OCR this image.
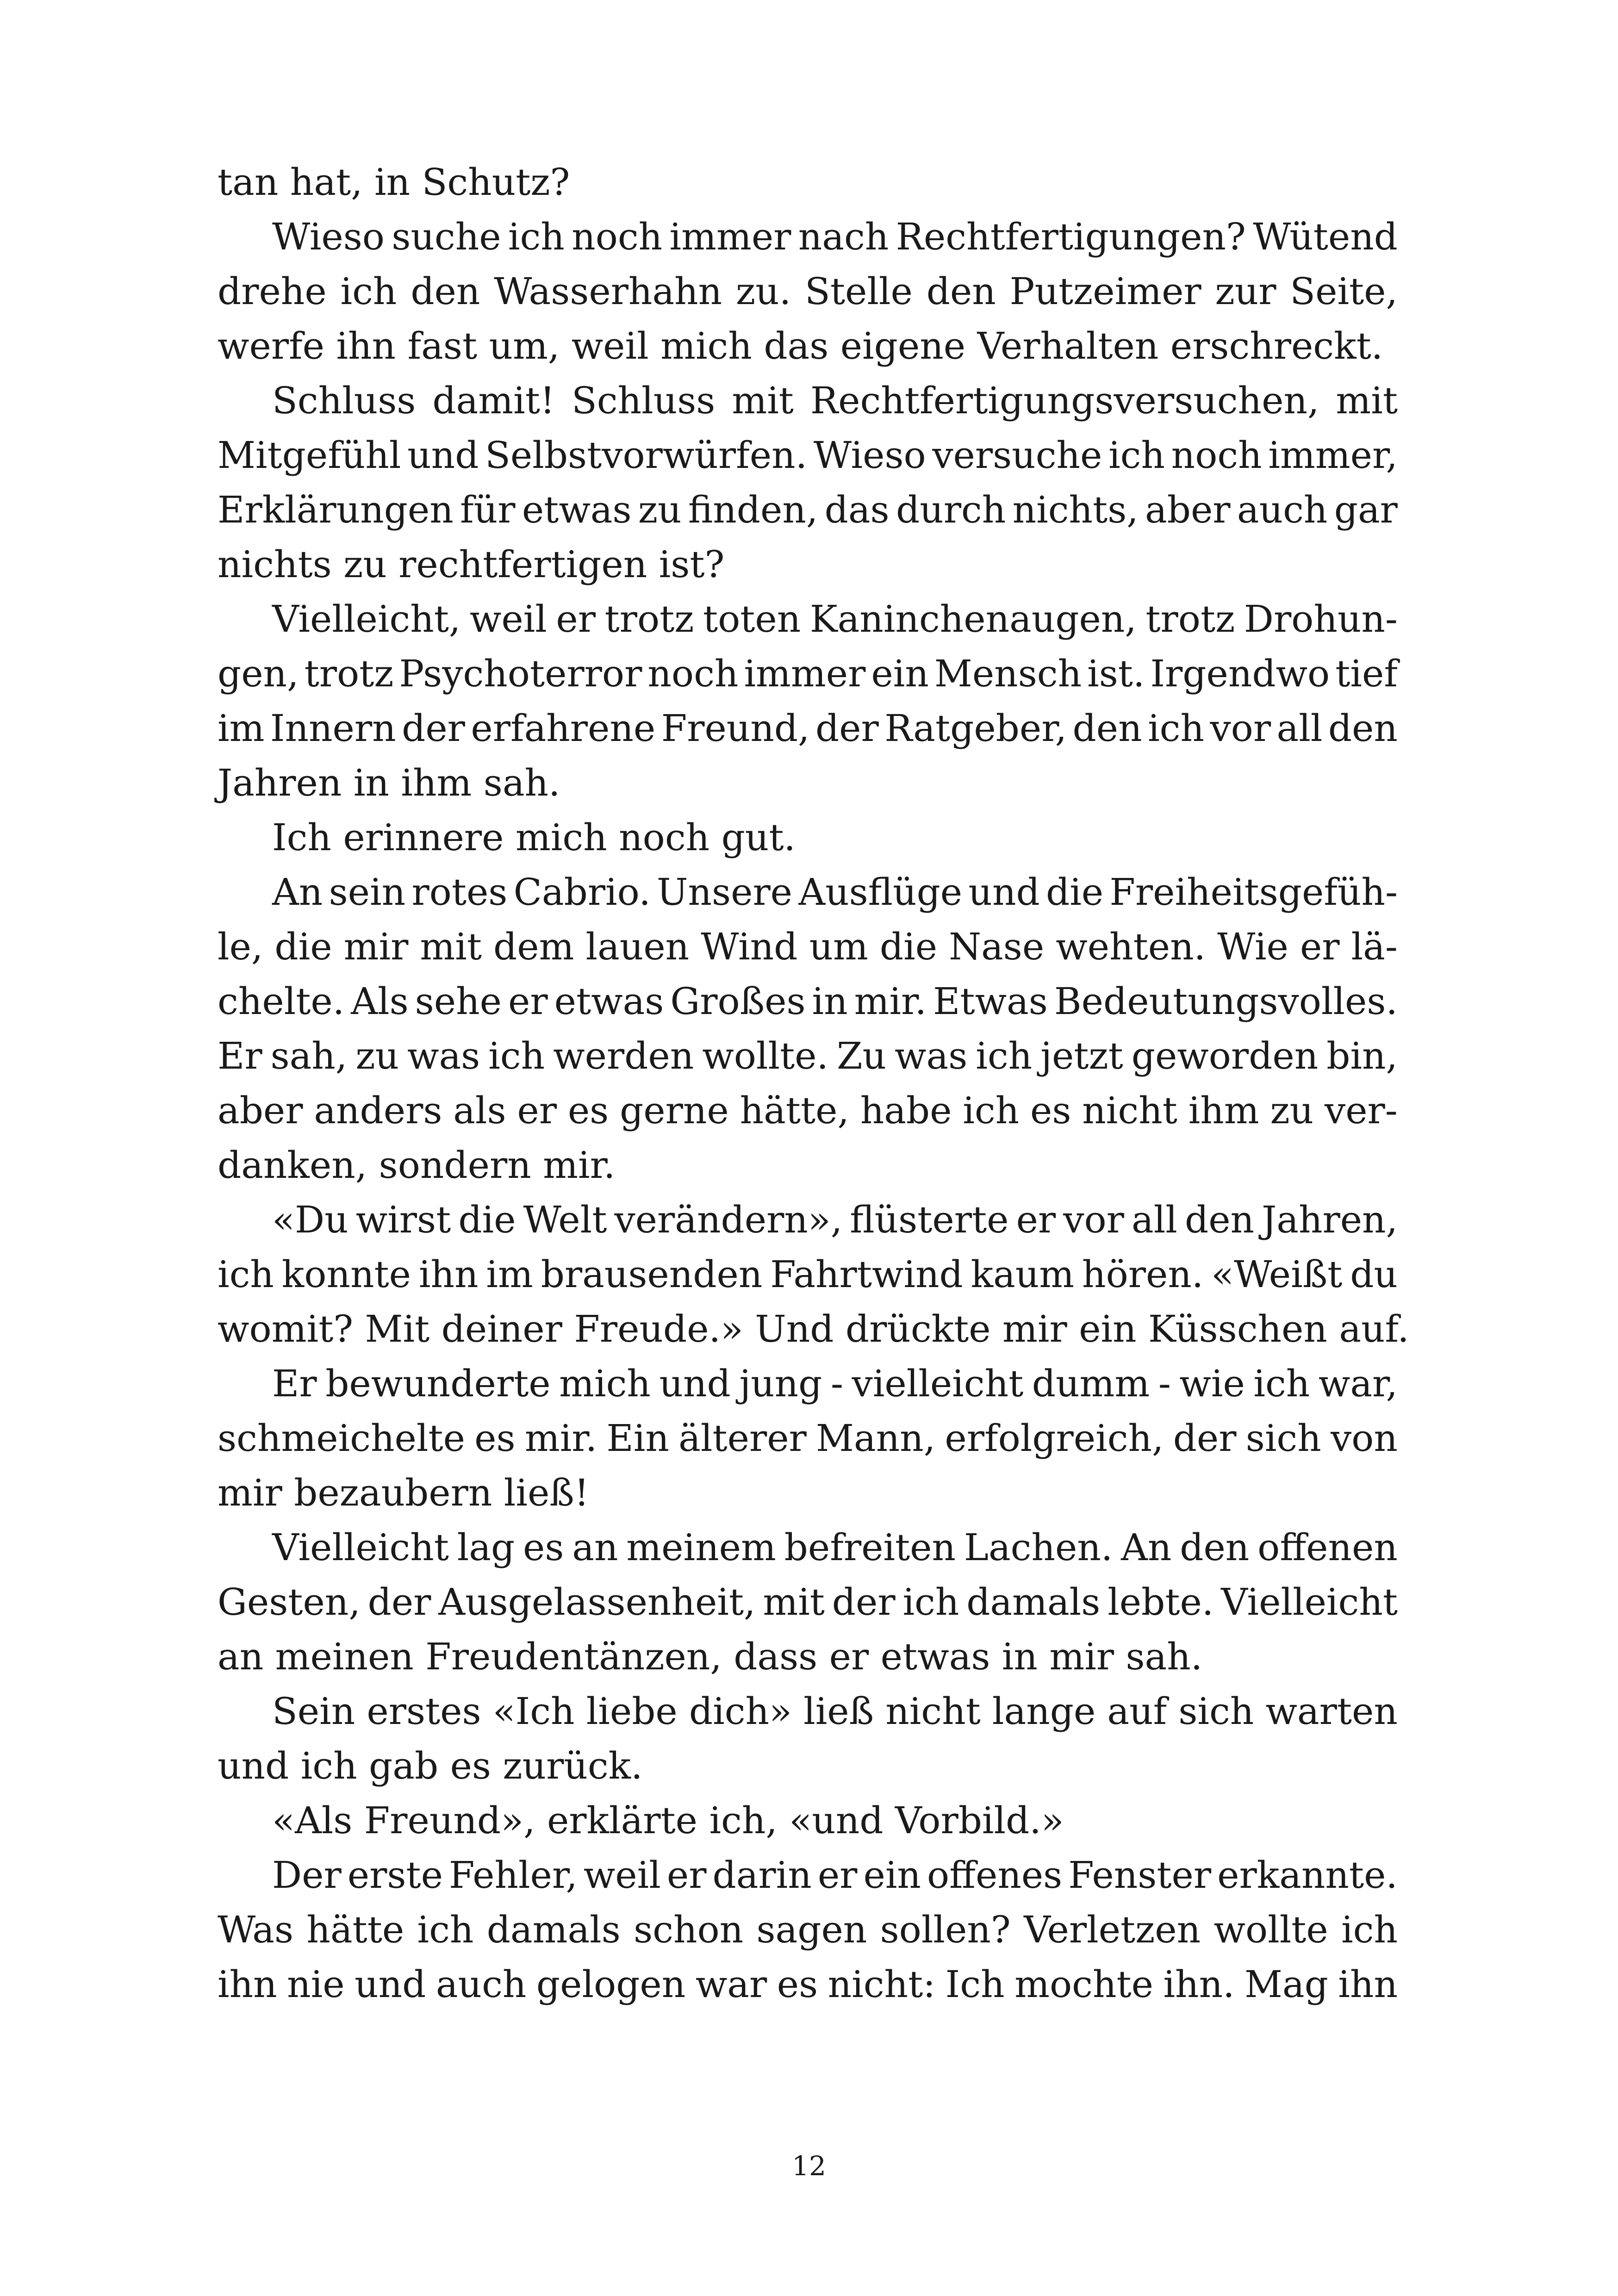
tan hat, in Schutz?
Wieso suche ich noch immer nach Rechtfertigungen? Wütend
drehe ich den Wasserhahn zu. Stelle den Putzeimer zur Seite,
werfe ihn fast um, weil mich das eigene Verhalten erschreckt.
Schluss damit! Schluss mit Rechtfertigungsversuchen, mit
Mitgefühl und Selbstvorwürfen. Wieso versuche ich noch immer,
Erklärungen für etwas zu finden, das durch nichts, aber auch gar
nichts zu rechtfertigen ist?
Vielleicht, weil er trotz toten Kaninchenaugen, trotz Drohun-
gen, trotz Psychoterror noch immer ein Mensch ist. Irgendwo tief
im Innern der erfahrene Freund, der Ratgeber, den ich vor all den
Jahren in ihm sah.
Ich erinnere mich noch gut.
An sein rotes Cabrio. Unsere Ausflüge und die Freiheitsgefüh-
le, die mir mit dem lauen Wind um die Nase wehten. Wie er lä-
chelte. Als sehe er etwas Großes in mir. Etwas Bedeutungsvolles.
Er sah, zu was ich werden wollte. Zu was ich jetzt geworden bin,
aber anders als er es gerne hätte, habe ich es nicht ihm zu ver-
danken, sondern mir.
«Du wirst die Welt verändern», flüsterte er vor all den Jahren,
ich konnte ihn im brausenden Fahrtwind kaum hören. «Weißt du
womit? Mit deiner Freude.» Und drückte mir ein Küsschen auf.
Er bewunderte mich und jung - vielleicht dumm - wie ich war,
schmeichelte es mir. Ein älterer Mann, erfolgreich, der sich von
mir bezaubern ließ!
Vielleicht lag es an meinem befreiten Lachen. An den offenen
Gesten, der Ausgelassenheit, mit der ich damals lebte. Vielleicht
an meinen Freudentänzen, dass er etwas in mir sah.
Sein erstes «Ich liebe dich» ließ nicht lange auf sich warten
und ich gab es zurück.
«Als Freund», erklärte ich, «und Vorbild.»
Der erste Fehler, weil er darin er ein offenes Fenster erkannte.
Was hätte ich damals schon sagen sollen? Verletzen wollte ich
ihn nie und auch gelogen war es nicht: Ich mochte ihn. Mag ihn
12
